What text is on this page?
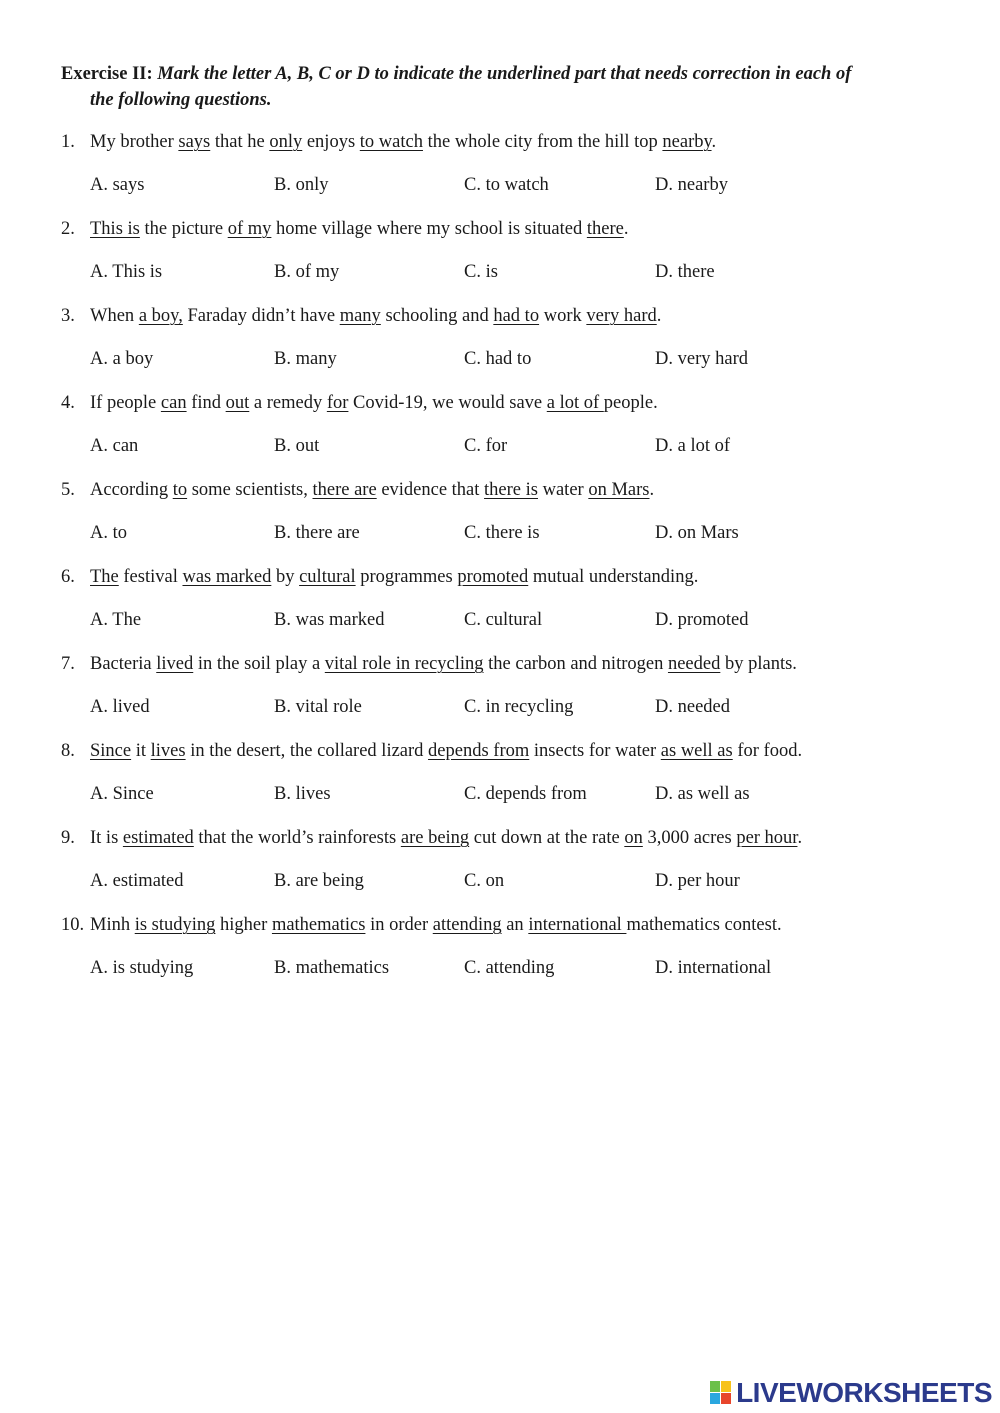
Exercise II: Mark the letter A, B, C or D to indicate the underlined part that needs correction in each of
the following questions.
1. My brother says that he only enjoys to watch the whole city from the hill top nearby.
A. says	B. only	C. to watch	D. nearby
2. This is the picture of my home village where my school is situated there.
A. This is	B. of my	C. is	D. there
3. When a boy, Faraday didn’t have many schooling and had to work very hard.
A. a boy	B. many	C. had to	D. very hard
4. If people can find out a remedy for Covid-19, we would save a lot of people.
A. can	B. out	C. for	D. a lot of
5. According to some scientists, there are evidence that there is water on Mars.
A. to	B. there are	C. there is	D. on Mars
6. The festival was marked by cultural programmes promoted mutual understanding.
A. The	B. was marked	C. cultural	D. promoted
7. Bacteria lived in the soil play a vital role in recycling the carbon and nitrogen needed by plants.
A. lived	B. vital role	C. in recycling	D. needed
8. Since it lives in the desert, the collared lizard depends from insects for water as well as for food.
A. Since	B. lives	C. depends from	D. as well as
9. It is estimated that the world’s rainforests are being cut down at the rate on 3,000 acres per hour.
A. estimated	B. are being	C. on	D. per hour
10. Minh is studying higher mathematics in order attending an international mathematics contest.
A. is studying	B. mathematics	C. attending	D. international
LIVEWORKSHEETS
